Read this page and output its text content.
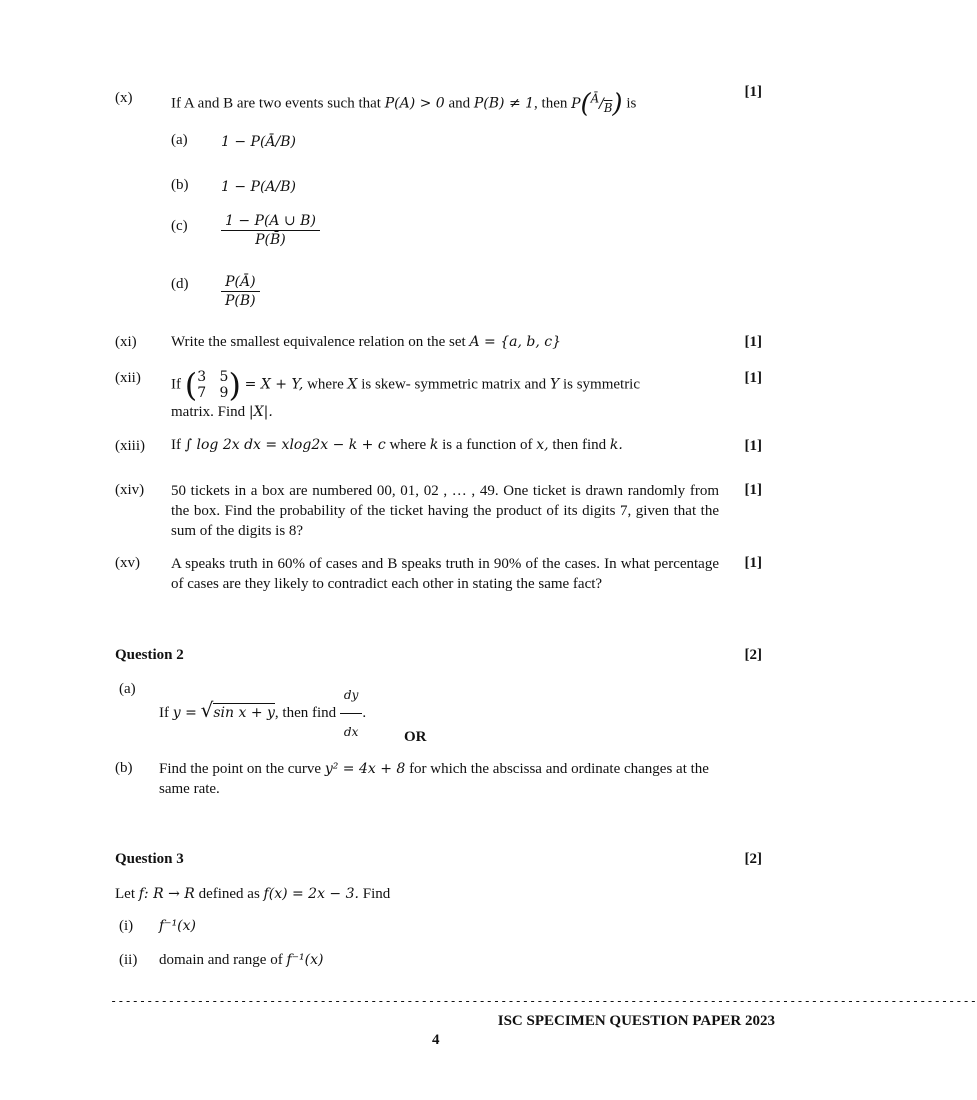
(x)	If A and B are two events such that P(A) > 0 and P(B) ≠ 1, then $P(^Ā/_{\overline{B}})$ is
[1]
(a) 1 − P(Ā/B)
(b) 1 − P(A/B)
$(c) \frac{1 - P(A \cup B)}{P(B̄)}$
$(d) \frac{P(Ā)}{P(B)}$
(xi) Write the smallest equivalence relation on the set A = {a, b, c}	[1]
(xii) If (3 5
7 9) = X + Y, where X is skew- symmetric matrix and Y is symmetric
matrix. Find |X|.
[1]
(xiii) If ∫ log 2x dx = xlog2x − k + c where k is a function of x, then find k.	[1]
(xiv) 50 tickets in a box are numbered 00, 01, 02 , … , 49. One ticket is drawn randomly from the box. Find the probability of the ticket having the product of its digits 7, given that the sum of the digits is 8?
[1]
(xv) A speaks truth in 60% of cases and B speaks truth in 90% of the cases. In what percentage of cases are they likely to contradict each other in stating the same fact?
[1]
Question 2	[2]
(a)
If y = √sin x + y, then find $\frac{dy}{dx}$ .
OR
(b) Find the point on the curve y² = 4x + 8 for which the abscissa and ordinate changes at the same rate.
Question 3	[2]
Let f: R → R defined as f(x) = 2x − 3. Find
(i) f⁻¹(x)
(ii) domain and range of f⁻¹(x)
------------------------------------------------------------------------------------------------------------------------
ISC SPECIMEN QUESTION PAPER 2023
4
